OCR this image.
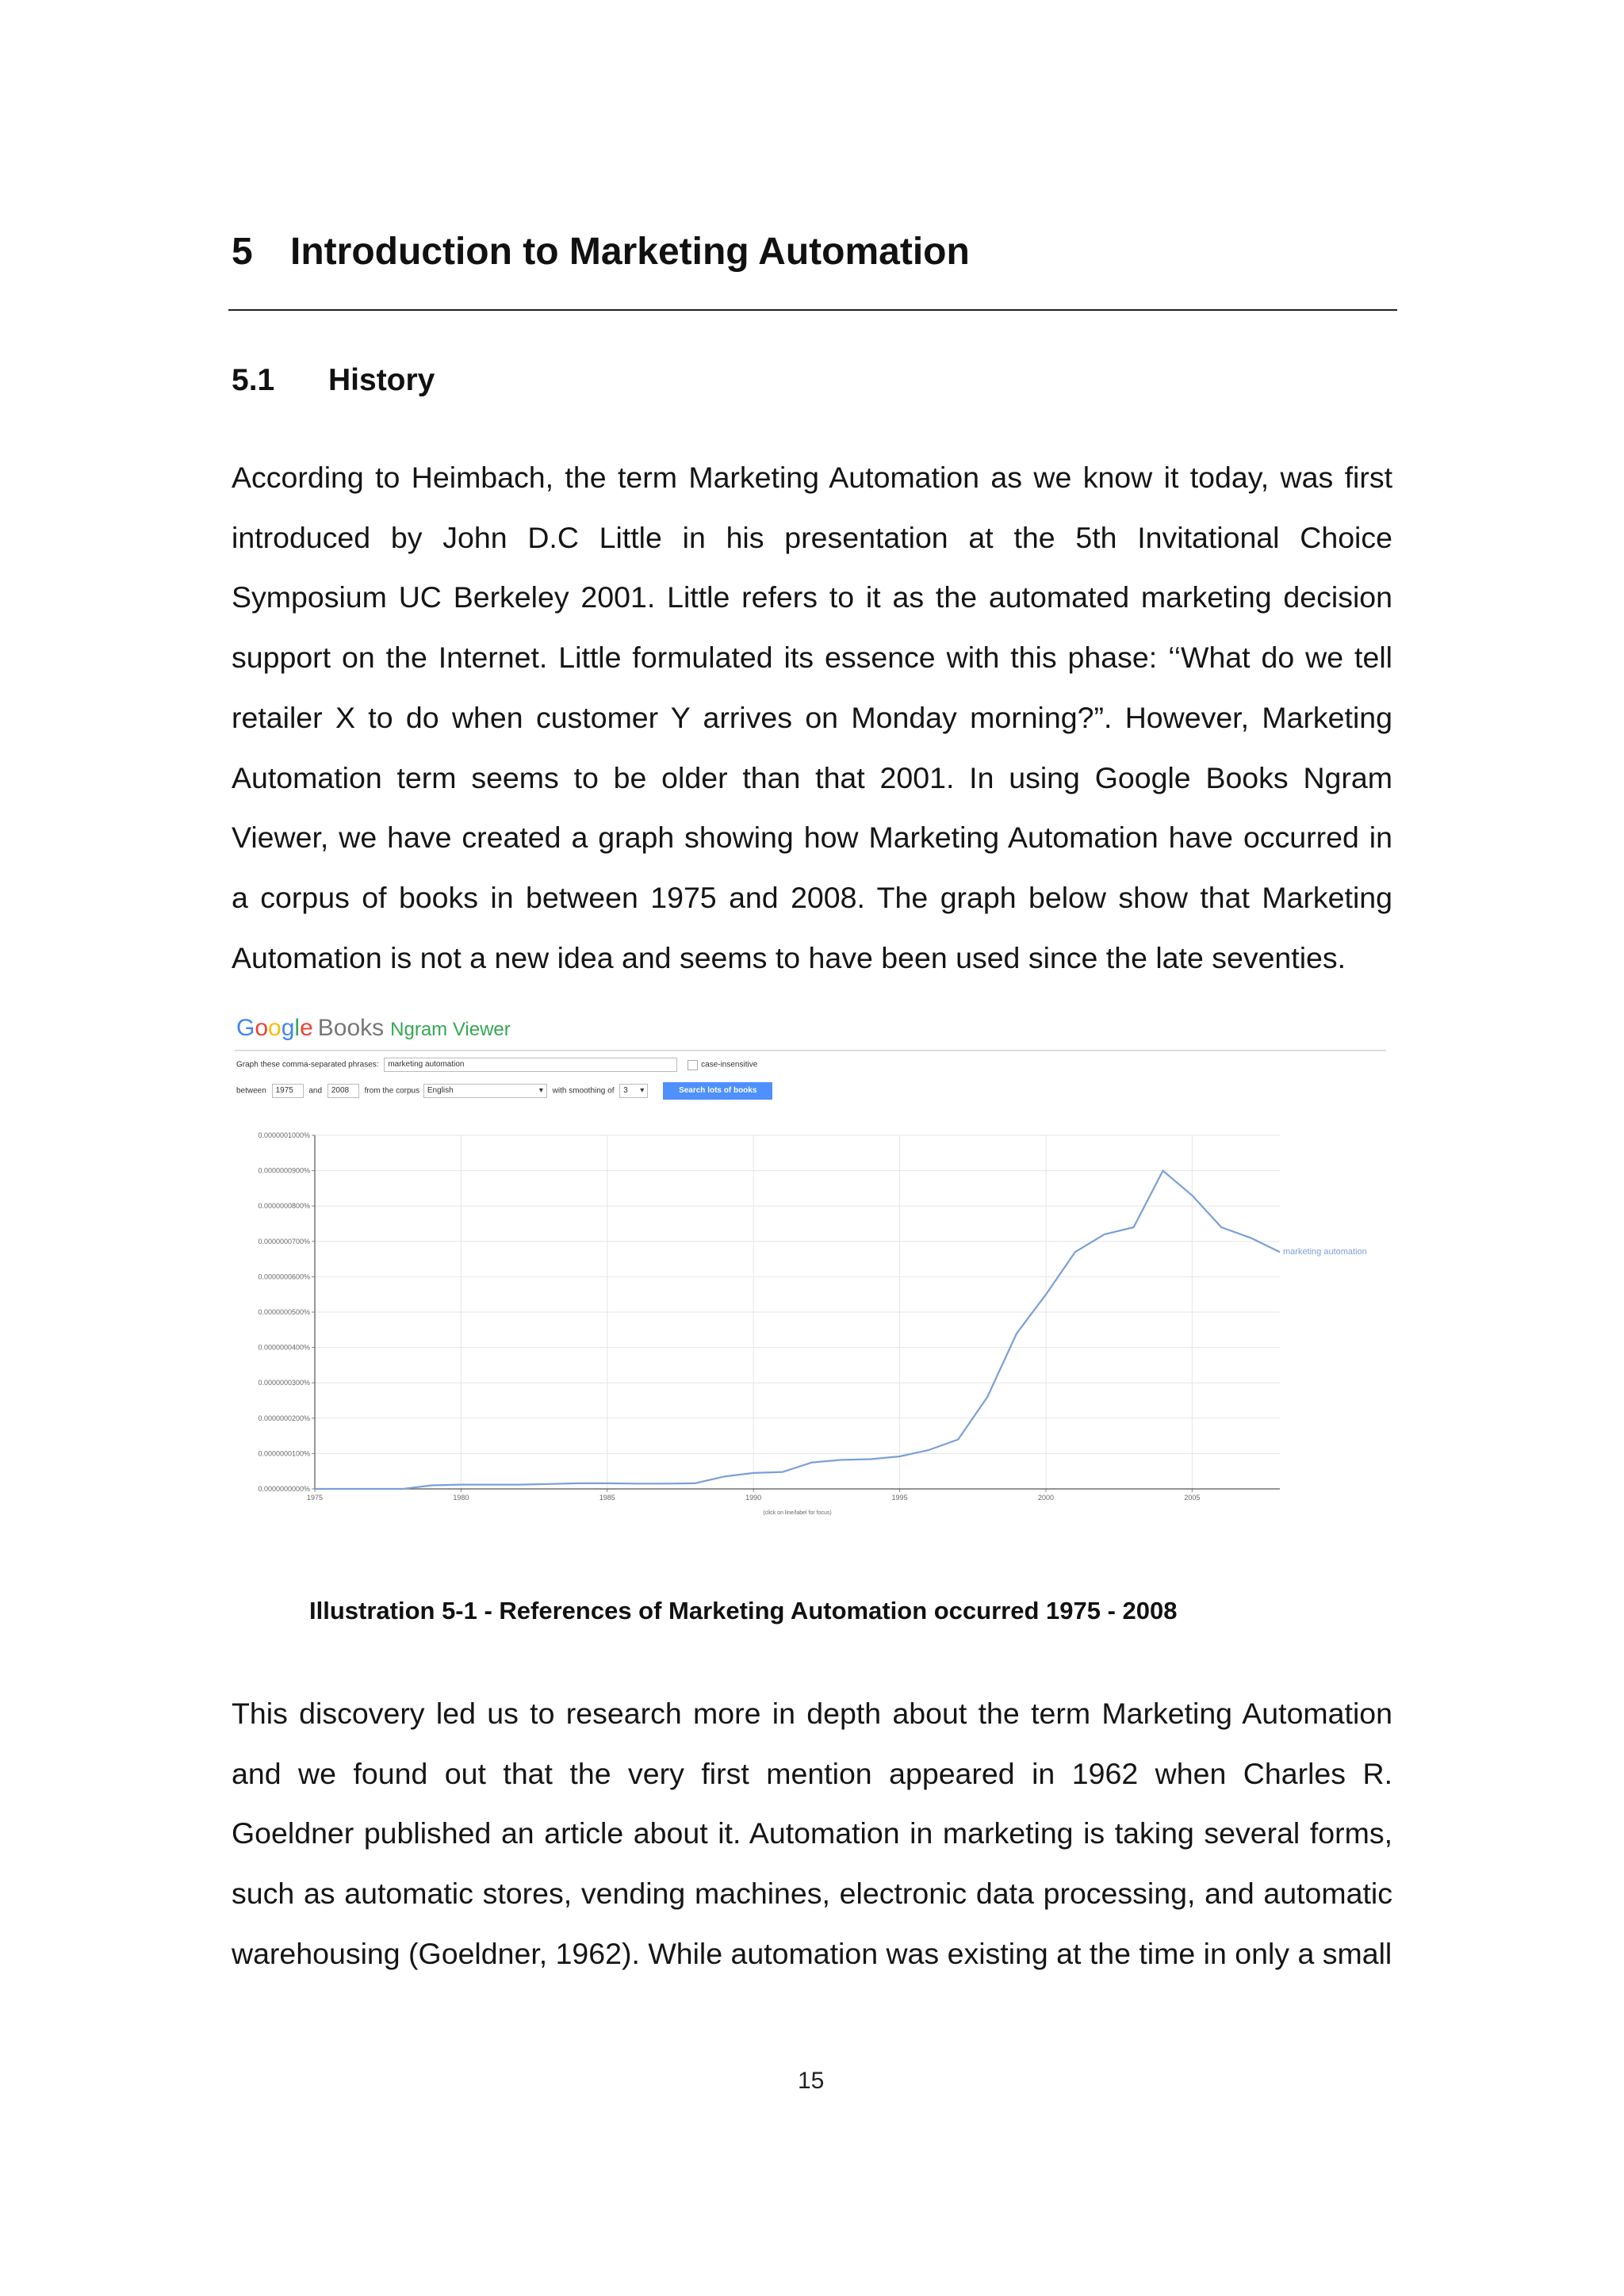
5 Introduction to Marketing Automation
5.1 History

According to Heimbach, the term Marketing Automation as we know it today, was first introduced by John D.C Little in his presentation at the 5th Invitational Choice Symposium UC Berkeley 2001. Little refers to it as the automated marketing decision support on the Internet. Little formulated its essence with this phase: ‘‘What do we tell retailer X to do when customer Y arrives on Monday morning?”. However, Marketing Automation term seems to be older than that 2001. In using Google Books Ngram Viewer, we have created a graph showing how Marketing Automation have occurred in a corpus of books in between 1975 and 2008. The graph below show that Marketing Automation is not a new idea and seems to have been used since the late seventies.

Google Books Ngram Viewer
Graph these comma-separated phrases: marketing automation	case-insensitive
between 1975 and 2008 from the corpus English	▾ with smoothing of 3 ▾	Search lots of books
0.0000000000%
0.0000000100%
0.0000000200%
0.0000000300%
0.0000000400%
0.0000000500%
0.0000000600%
0.0000000700%
0.0000000800%
0.0000000900%
0.0000001000%
1975	1980	1985	1990	1995	2000	2005
marketing automation
(click on line/label for focus)

Illustration 5-1 - References of Marketing Automation occurred 1975 - 2008

This discovery led us to research more in depth about the term Marketing Automation and we found out that the very first mention appeared in 1962 when Charles R. Goeldner published an article about it. Automation in marketing is taking several forms, such as automatic stores, vending machines, electronic data processing, and automatic warehousing (Goeldner, 1962). While automation was existing at the time in only a small

15
